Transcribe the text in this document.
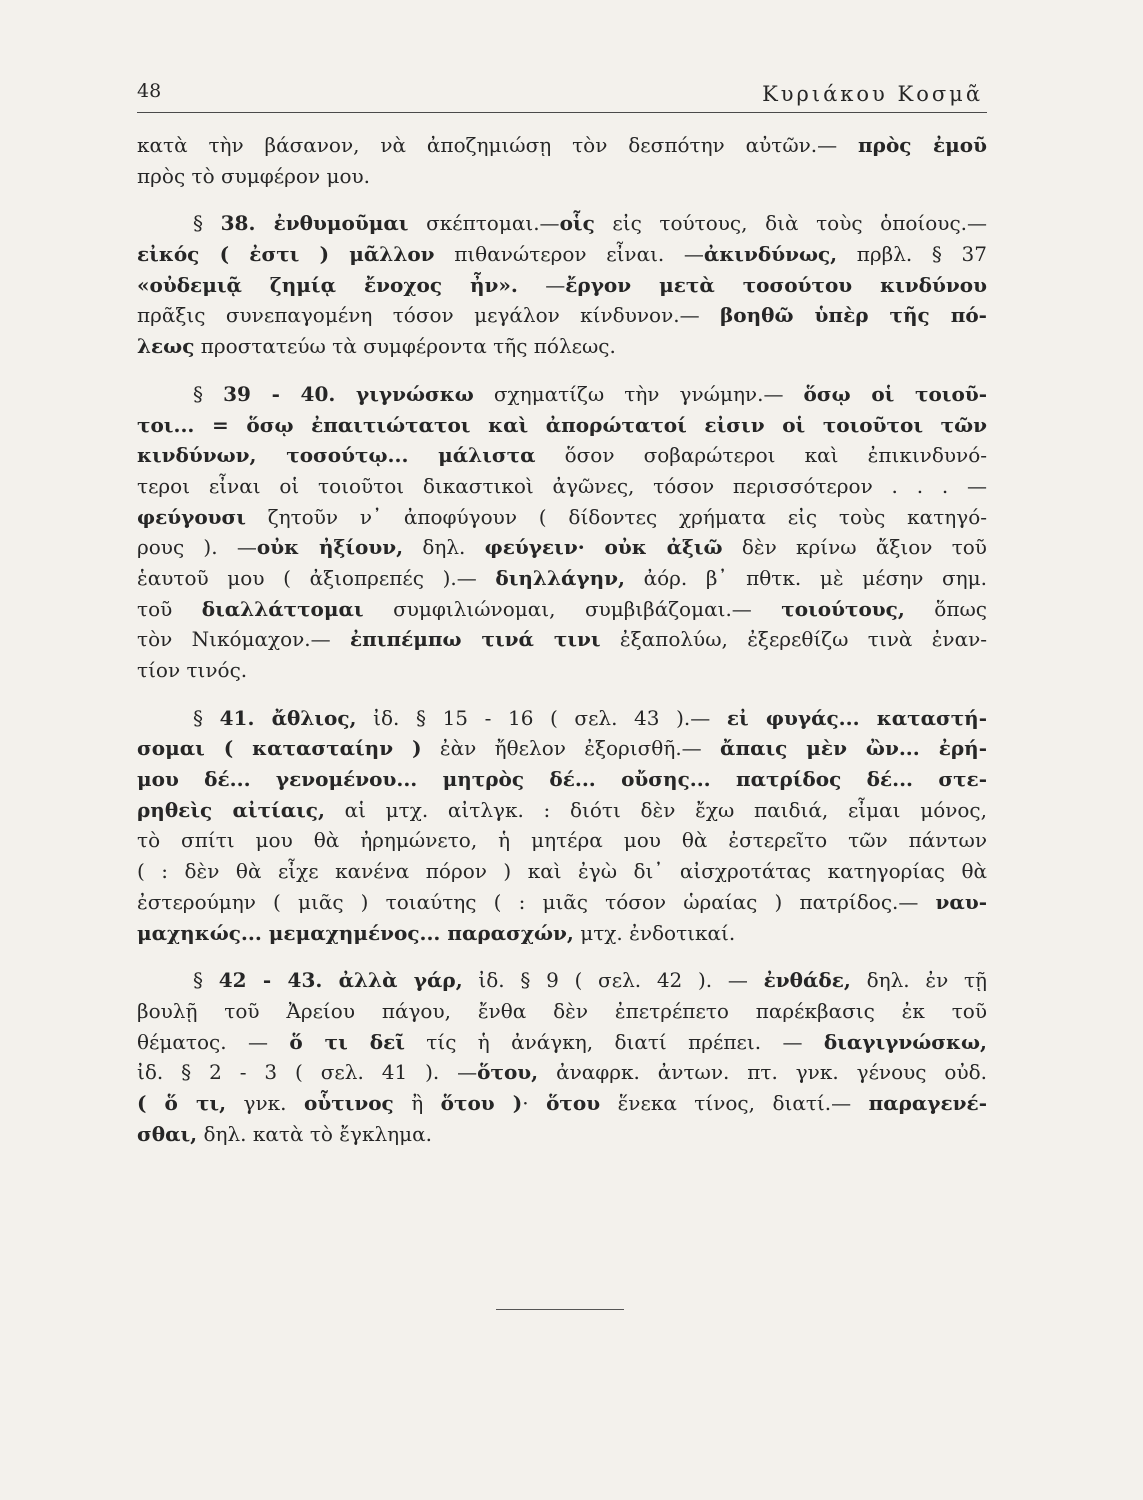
48	Κυριάκου Κοσμᾶ
κατὰ τὴν βάσανον, νὰ ἀποζημιώσῃ τὸν δεσπότην αὐτῶν.— πρὸς ἐμοῦ
πρὸς τὸ συμφέρον μου.
§ 38. ἐνθυμοῦμαι σκέπτομαι.—οἷς εἰς τούτους, διὰ τοὺς ὁποίους.—
εἰκός ( ἐστι ) μᾶλλον πιθανώτερον εἶναι. —ἀκινδύνως, πρβλ. § 37
«οὐδεμιᾷ ζημίᾳ ἔνοχος ἦν». —ἔργον μετὰ τοσούτου κινδύνου
πρᾶξις συνεπαγομένη τόσον μεγάλον κίνδυνον.— βοηθῶ ὑπὲρ τῆς πό-
λεως προστατεύω τὰ συμφέροντα τῆς πόλεως.
§ 39 - 40. γιγνώσκω σχηματίζω τὴν γνώμην.— ὅσῳ οἱ τοιοῦ-
τοι... = ὅσῳ ἐπαιτιώτατοι καὶ ἀπορώτατοί εἰσιν οἱ τοιοῦτοι τῶν
κινδύνων, τοσούτῳ... μάλιστα ὅσον σοβαρώτεροι καὶ ἐπικινδυνό-
τεροι εἶναι οἱ τοιοῦτοι δικαστικοὶ ἀγῶνες, τόσον περισσότερον . . . —
φεύγουσι ζητοῦν ν᾽ ἀποφύγουν ( δίδοντες χρήματα εἰς τοὺς κατηγό-
ρους ). —οὐκ ἠξίουν, δηλ. φεύγειν· οὐκ ἀξιῶ δὲν κρίνω ἄξιον τοῦ
ἑαυτοῦ μου ( ἀξιοπρεπές ).— διηλλάγην, ἀόρ. β᾽ πθτκ. μὲ μέσην σημ.
τοῦ διαλλάττομαι συμφιλιώνομαι, συμβιβάζομαι.— τοιούτους, ὅπως
τὸν Νικόμαχον.— ἐπιπέμπω τινά τινι ἐξαπολύω, ἐξερεθίζω τινὰ ἐναν-
τίον τινός.
§ 41. ἄθλιος, ἰδ. § 15 - 16 ( σελ. 43 ).— εἰ φυγάς... καταστή-
σομαι ( κατασταίην ) ἐὰν ἤθελον ἐξορισθῆ.— ἄπαις μὲν ὢν... ἐρή-
μου δέ... γενομένου... μητρὸς δέ... οὔσης... πατρίδος δέ... στε-
ρηθεὶς αἰτίαις, αἱ μτχ. αἰτλγκ. : διότι δὲν ἔχω παιδιά, εἶμαι μόνος,
τὸ σπίτι μου θὰ ἠρημώνετο, ἡ μητέρα μου θὰ ἐστερεῖτο τῶν πάντων
( : δὲν θὰ εἶχε κανένα πόρον ) καὶ ἐγὼ δι᾽ αἰσχροτάτας κατηγορίας θὰ
ἐστερούμην ( μιᾶς ) τοιαύτης ( : μιᾶς τόσον ὡραίας ) πατρίδος.— ναυ-
μαχηκώς... μεμαχημένος... παρασχών, μτχ. ἐνδοτικαί.
§ 42 - 43. ἀλλὰ γάρ, ἰδ. § 9 ( σελ. 42 ). — ἐνθάδε, δηλ. ἐν τῇ
βουλῇ τοῦ Ἀρείου πάγου, ἔνθα δὲν ἐπετρέπετο παρέκβασις ἐκ τοῦ
θέματος. — ὅ τι δεῖ τίς ἡ ἀνάγκη, διατί πρέπει. — διαγιγνώσκω,
ἰδ. § 2 - 3 ( σελ. 41 ). —ὅτου, ἀναφρκ. ἀντων. πτ. γνκ. γένους οὐδ.
( ὅ τι, γνκ. οὗτινος ἢ ὅτου )· ὅτου ἕνεκα τίνος, διατί.— παραγενέ-
σθαι, δηλ. κατὰ τὸ ἔγκλημα.
